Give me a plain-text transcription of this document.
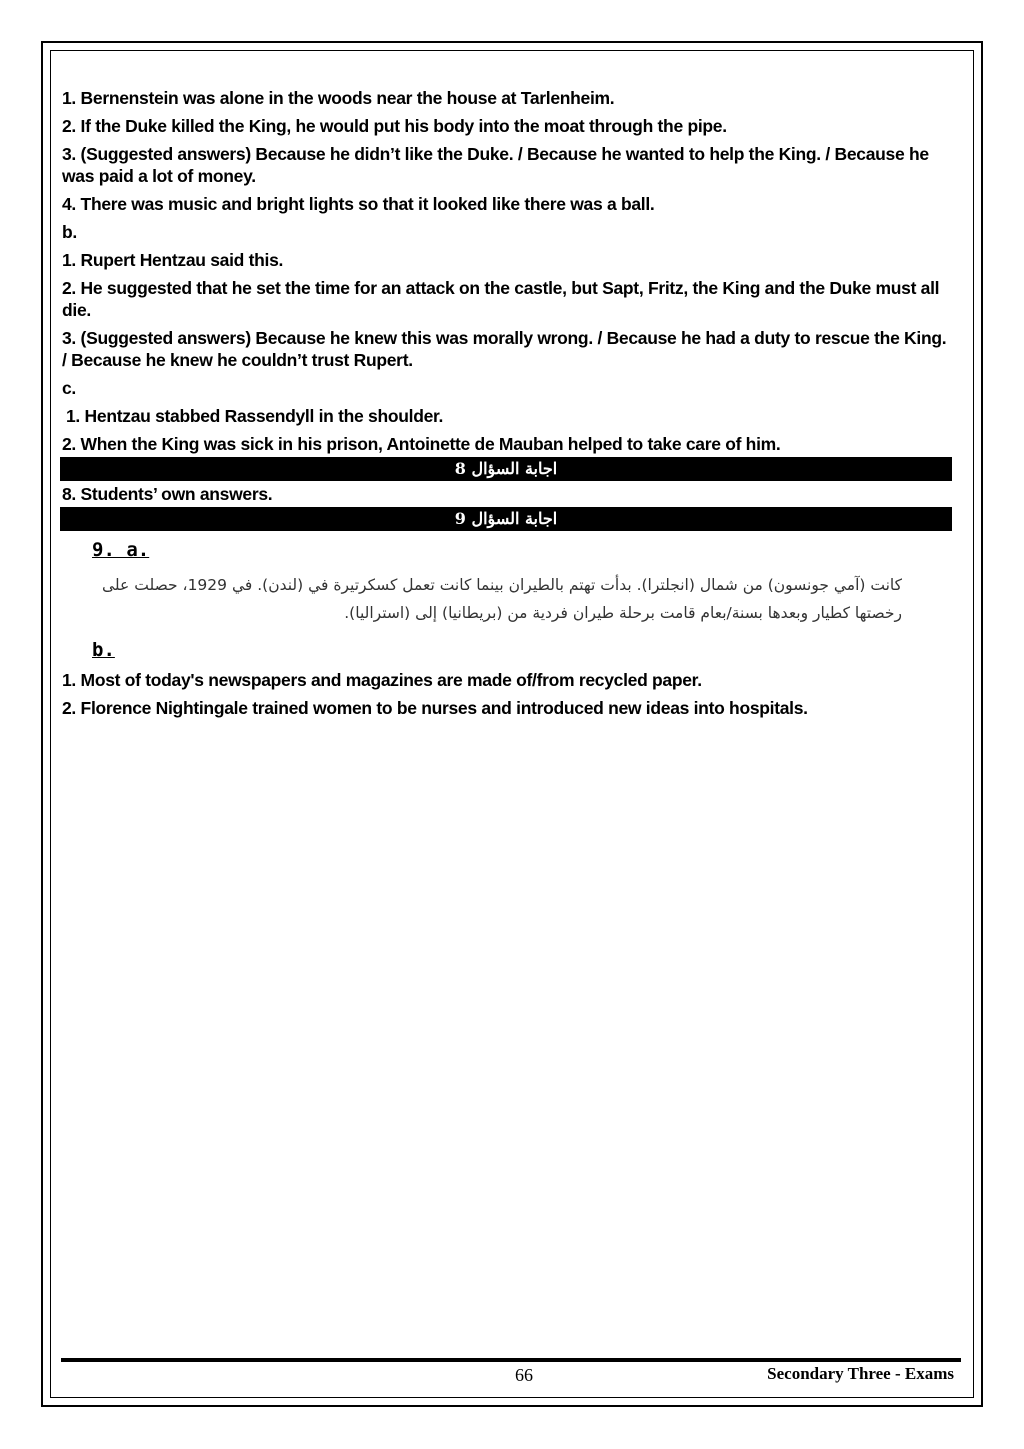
1. Bernenstein was alone in the woods near the house at Tarlenheim.
2. If the Duke killed the King, he would put his body into the moat through the pipe.
3. (Suggested answers) Because he didn’t like the Duke. / Because he wanted to help the King. / Because he was paid a lot of money.
4. There was music and bright lights so that it looked like there was a ball.
b.
1. Rupert Hentzau said this.
2. He suggested that he set the time for an attack on the castle, but Sapt, Fritz, the King and the Duke must all die.
3. (Suggested answers) Because he knew this was morally wrong. / Because he had a duty to rescue the King. / Because he knew he couldn’t trust Rupert.
c.
1. Hentzau stabbed Rassendyll in the shoulder.
2. When the King was sick in his prison, Antoinette de Mauban helped to take care of him.
اجابة السؤال 8
8. Students’ own answers.
اجابة السؤال 9
9. a.
كانت (آمي جونسون) من شمال (انجلترا). بدأت تهتم بالطيران بينما كانت تعمل كسكرتيرة في (لندن). في 1929، حصلت على رخصتها كطيار وبعدها بسنة/بعام قامت برحلة طيران فردية من (بريطانيا) إلى (استراليا).
b.
1. Most of today's newspapers and magazines are made of/from recycled paper.
2. Florence Nightingale trained women to be nurses and introduced new ideas into hospitals.
66	Secondary Three - Exams
